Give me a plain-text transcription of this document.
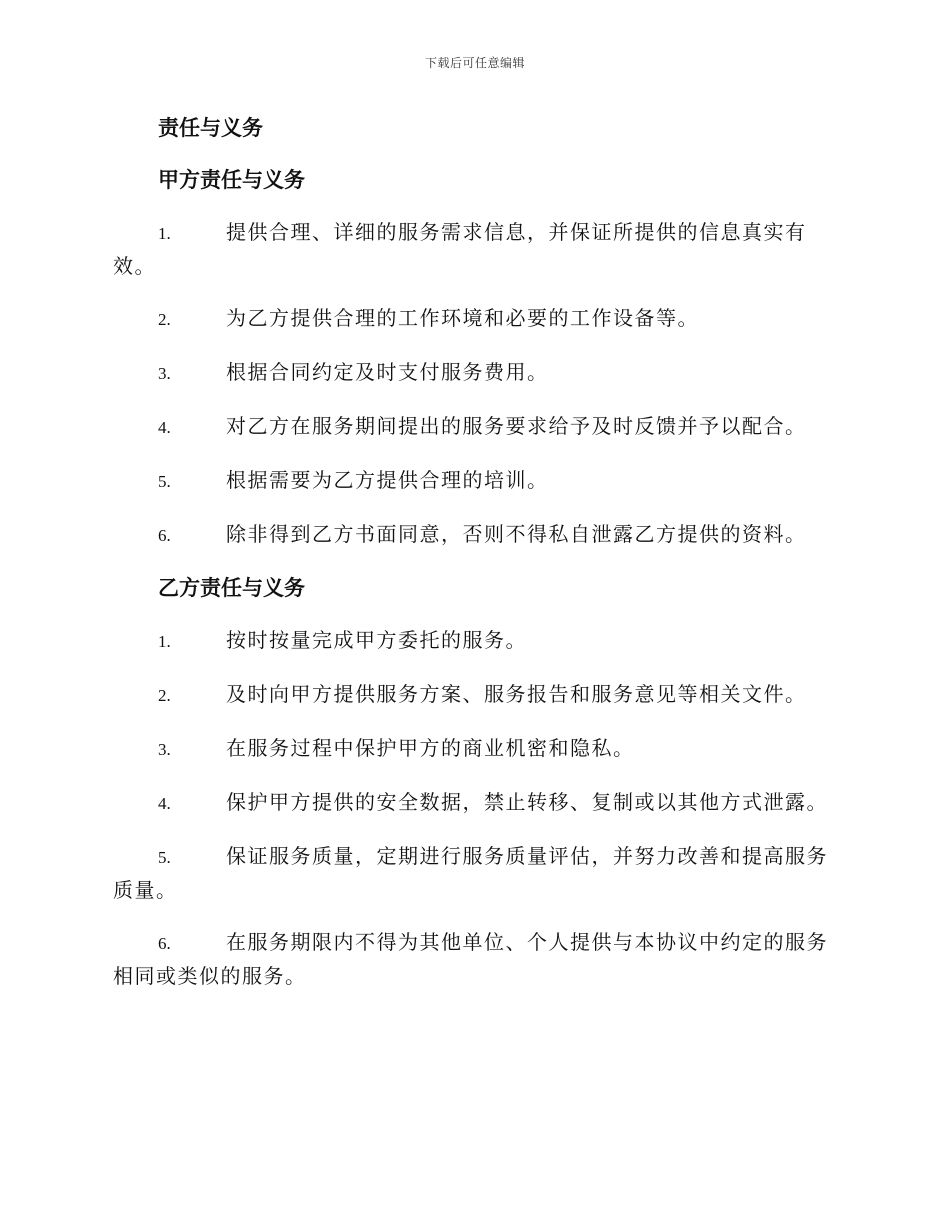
下载后可任意编辑
责任与义务
甲方责任与义务
1.	提供合理、详细的服务需求信息，并保证所提供的信息真实有效。
2.	为乙方提供合理的工作环境和必要的工作设备等。
3.	根据合同约定及时支付服务费用。
4.	对乙方在服务期间提出的服务要求给予及时反馈并予以配合。
5.	根据需要为乙方提供合理的培训。
6.	除非得到乙方书面同意，否则不得私自泄露乙方提供的资料。
乙方责任与义务
1.	按时按量完成甲方委托的服务。
2.	及时向甲方提供服务方案、服务报告和服务意见等相关文件。
3.	在服务过程中保护甲方的商业机密和隐私。
4.	保护甲方提供的安全数据，禁止转移、复制或以其他方式泄露。
5.	保证服务质量，定期进行服务质量评估，并努力改善和提高服务质量。
6.	在服务期限内不得为其他单位、个人提供与本协议中约定的服务相同或类似的服务。
